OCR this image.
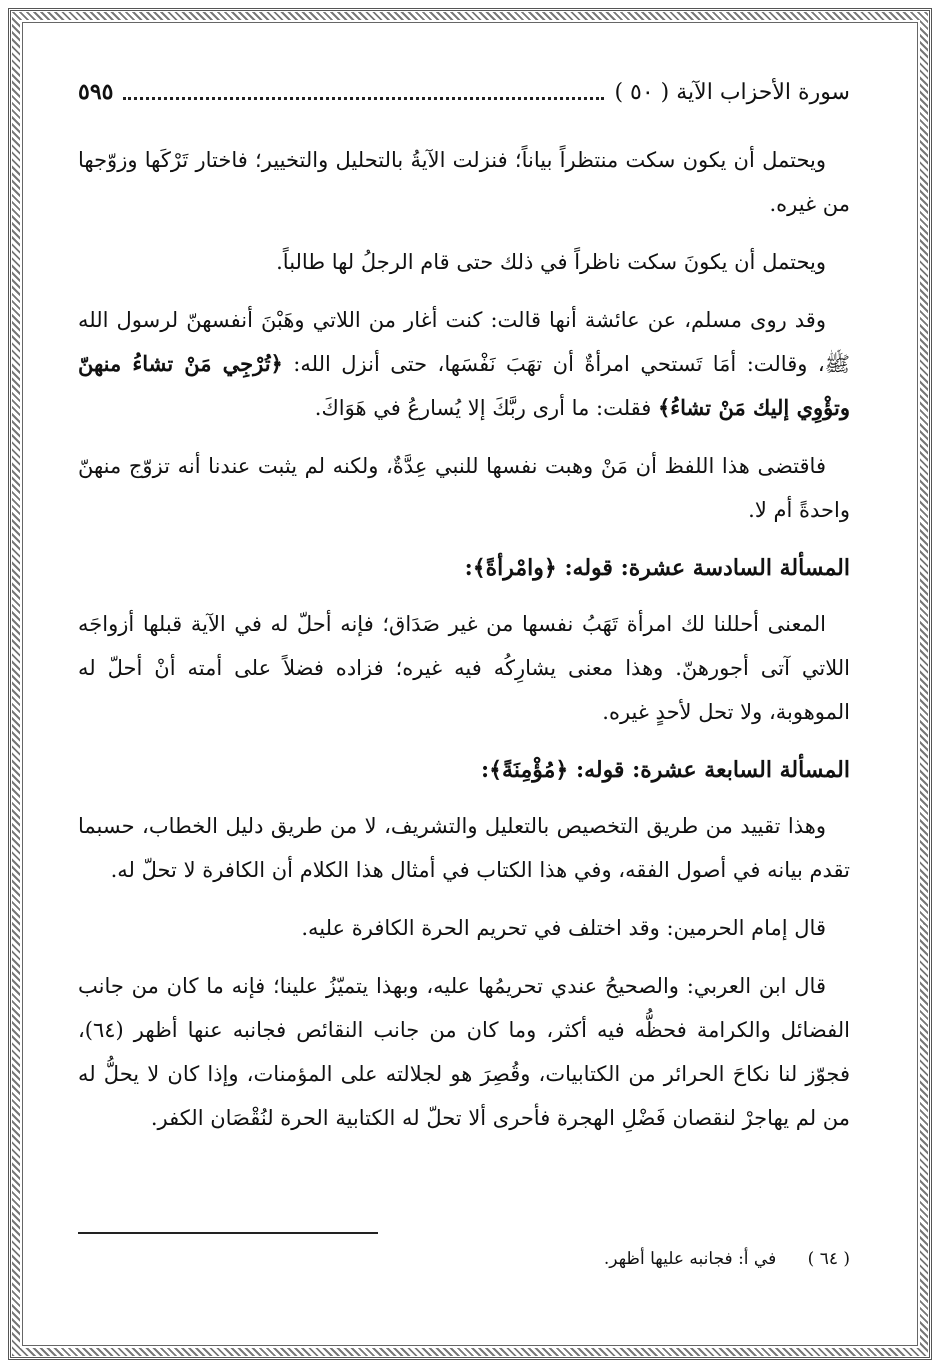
سورة الأحزاب الآية ( ٥٠ )
٥٩٥

ويحتمل أن يكون سكت منتظراً بياناً؛ فنزلت الآيةُ بالتحليل والتخيير؛ فاختار تَرْكَها وزوّجها من غيره.

ويحتمل أن يكونَ سكت ناظراً في ذلك حتى قام الرجلُ لها طالباً.

وقد روى مسلم، عن عائشة أنها قالت: كنت أغار من اللاتي وهَبْنَ أنفسهنّ لرسول الله ﷺ، وقالت: أمَا تَستحي امرأةٌ أن تهَبَ نَفْسَها، حتى أنزل الله: ﴿تُرْجِي مَنْ تشاءُ منهنّ وتؤْوِي إليك مَنْ تشاءُ﴾ فقلت: ما أرى ربَّكَ إلا يُسارعُ في هَوَاكَ.

فاقتضى هذا اللفظ أن مَنْ وهبت نفسها للنبي عِدَّةٌ، ولكنه لم يثبت عندنا أنه تزوّج منهنّ واحدةً أم لا.

المسألة السادسة عشرة: قوله: ﴿وامْرأةً﴾:

المعنى أحللنا لك امرأة تَهَبُ نفسها من غير صَدَاق؛ فإنه أحلّ له في الآية قبلها أزواجَه اللاتي آتى أجورهنّ. وهذا معنى يشارِكُه فيه غيره؛ فزاده فضلاً على أمته أنْ أحلّ له الموهوبة، ولا تحل لأحدٍ غيره.

المسألة السابعة عشرة: قوله: ﴿مُؤْمِنَةً﴾:

وهذا تقييد من طريق التخصيص بالتعليل والتشريف، لا من طريق دليل الخطاب، حسبما تقدم بيانه في أصول الفقه، وفي هذا الكتاب في أمثال هذا الكلام أن الكافرة لا تحلّ له.

قال إمام الحرمين: وقد اختلف في تحريم الحرة الكافرة عليه.

قال ابن العربي: والصحيحُ عندي تحريمُها عليه، وبهذا يتميّزُ علينا؛ فإنه ما كان من جانب الفضائل والكرامة فحظُّه فيه أكثر، وما كان من جانب النقائص فجانبه عنها أظهر (٦٤)، فجوّز لنا نكاحَ الحرائر من الكتابيات، وقُصِرَ هو لجلالته على المؤمنات، وإذا كان لا يحلُّ له من لم يهاجرْ لنقصان فَضْلِ الهجرة فأحرى ألا تحلّ له الكتابية الحرة لنُقْصَان الكفر.

( ٦٤ ) في أ: فجانبه عليها أظهر.
